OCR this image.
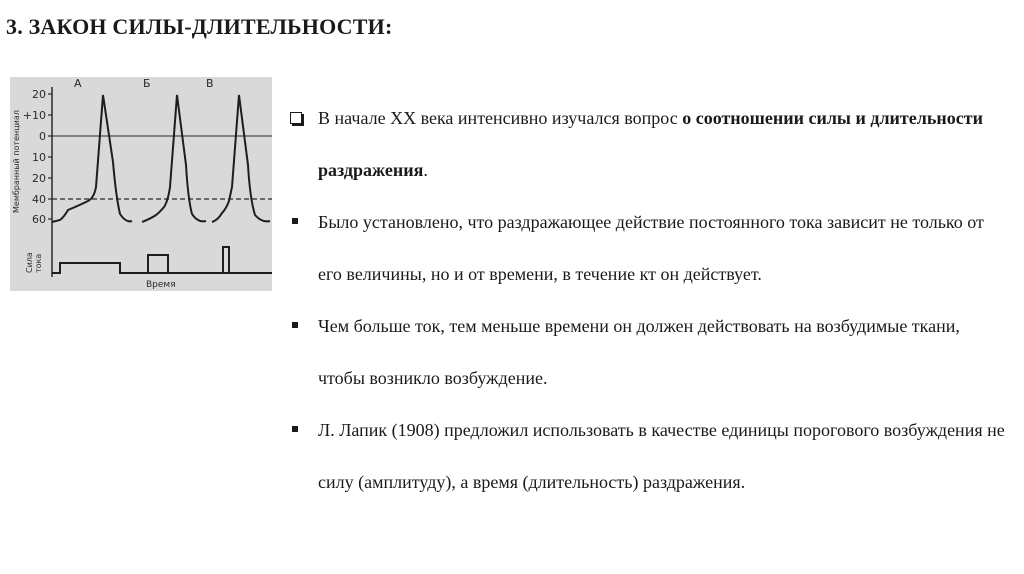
3. ЗАКОН СИЛЫ-ДЛИТЕЛЬНОСТИ:
А	Б	В
Мембранный потенциал
20
+10
0
10
20
40
60
Сила тока
Время
В начале XX века интенсивно изучался вопрос о соотношении силы и длительности раздражения.
Было установлено, что раздражающее действие постоянного тока зависит не только от его величины, но и от времени, в течение кт он действует.
Чем больше ток, тем меньше времени он должен действовать на возбудимые ткани, чтобы возникло возбуждение.
Л. Лапик (1908) предложил использовать в качестве единицы порогового возбуждения не силу (амплитуду), а время (длительность) раздражения.
